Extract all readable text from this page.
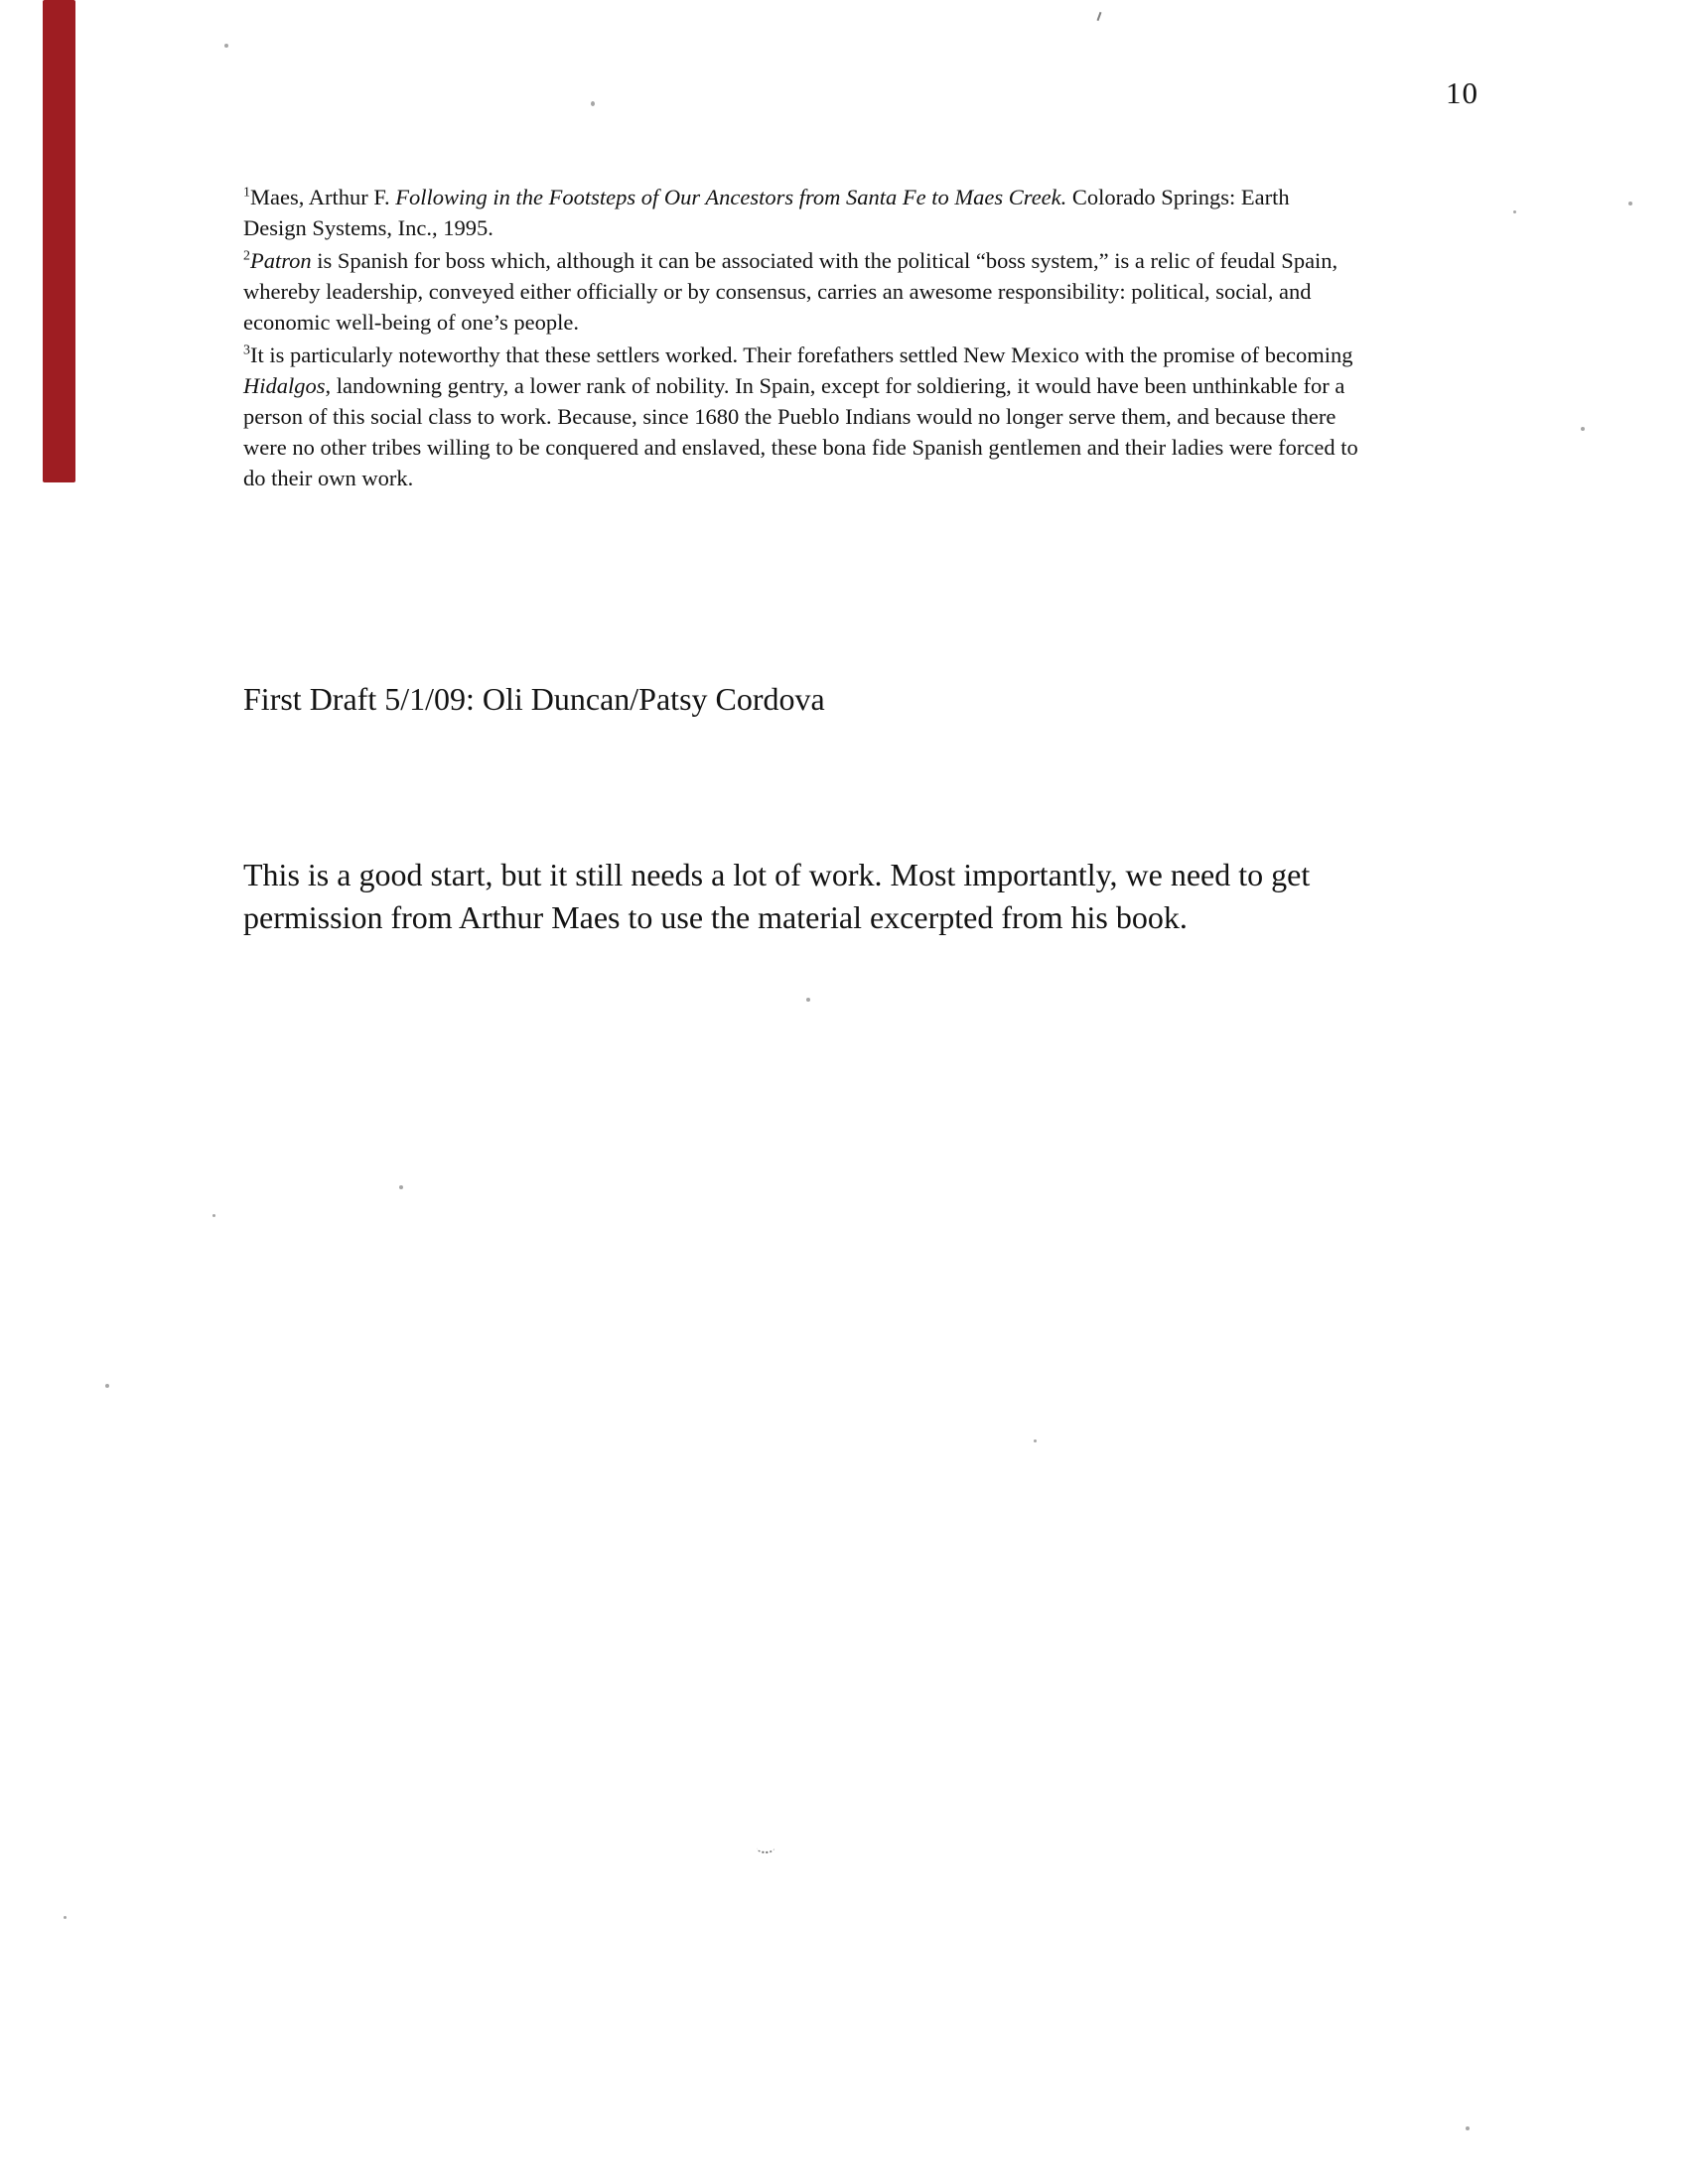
10
$^1$Maes, Arthur F. Following in the Footsteps of Our Ancestors from Santa Fe to Maes Creek. Colorado Springs: Earth
Design Systems, Inc., 1995.
$^2$Patron is Spanish for boss which, although it can be associated with the political “boss system,” is a relic of feudal Spain,
whereby leadership, conveyed either officially or by consensus, carries an awesome responsibility: political, social, and
economic well-being of one’s people.
$^3$It is particularly noteworthy that these settlers worked. Their forefathers settled New Mexico with the promise of becoming
Hidalgos, landowning gentry, a lower rank of nobility. In Spain, except for soldiering, it would have been unthinkable for a
person of this social class to work. Because, since 1680 the Pueblo Indians would no longer serve them, and because there
were no other tribes willing to be conquered and enslaved, these bona fide Spanish gentlemen and their ladies were forced to
do their own work.
First Draft 5/1/09: Oli Duncan/Patsy Cordova
This is a good start, but it still needs a lot of work. Most importantly, we need to get
permission from Arthur Maes to use the material excerpted from his book.
